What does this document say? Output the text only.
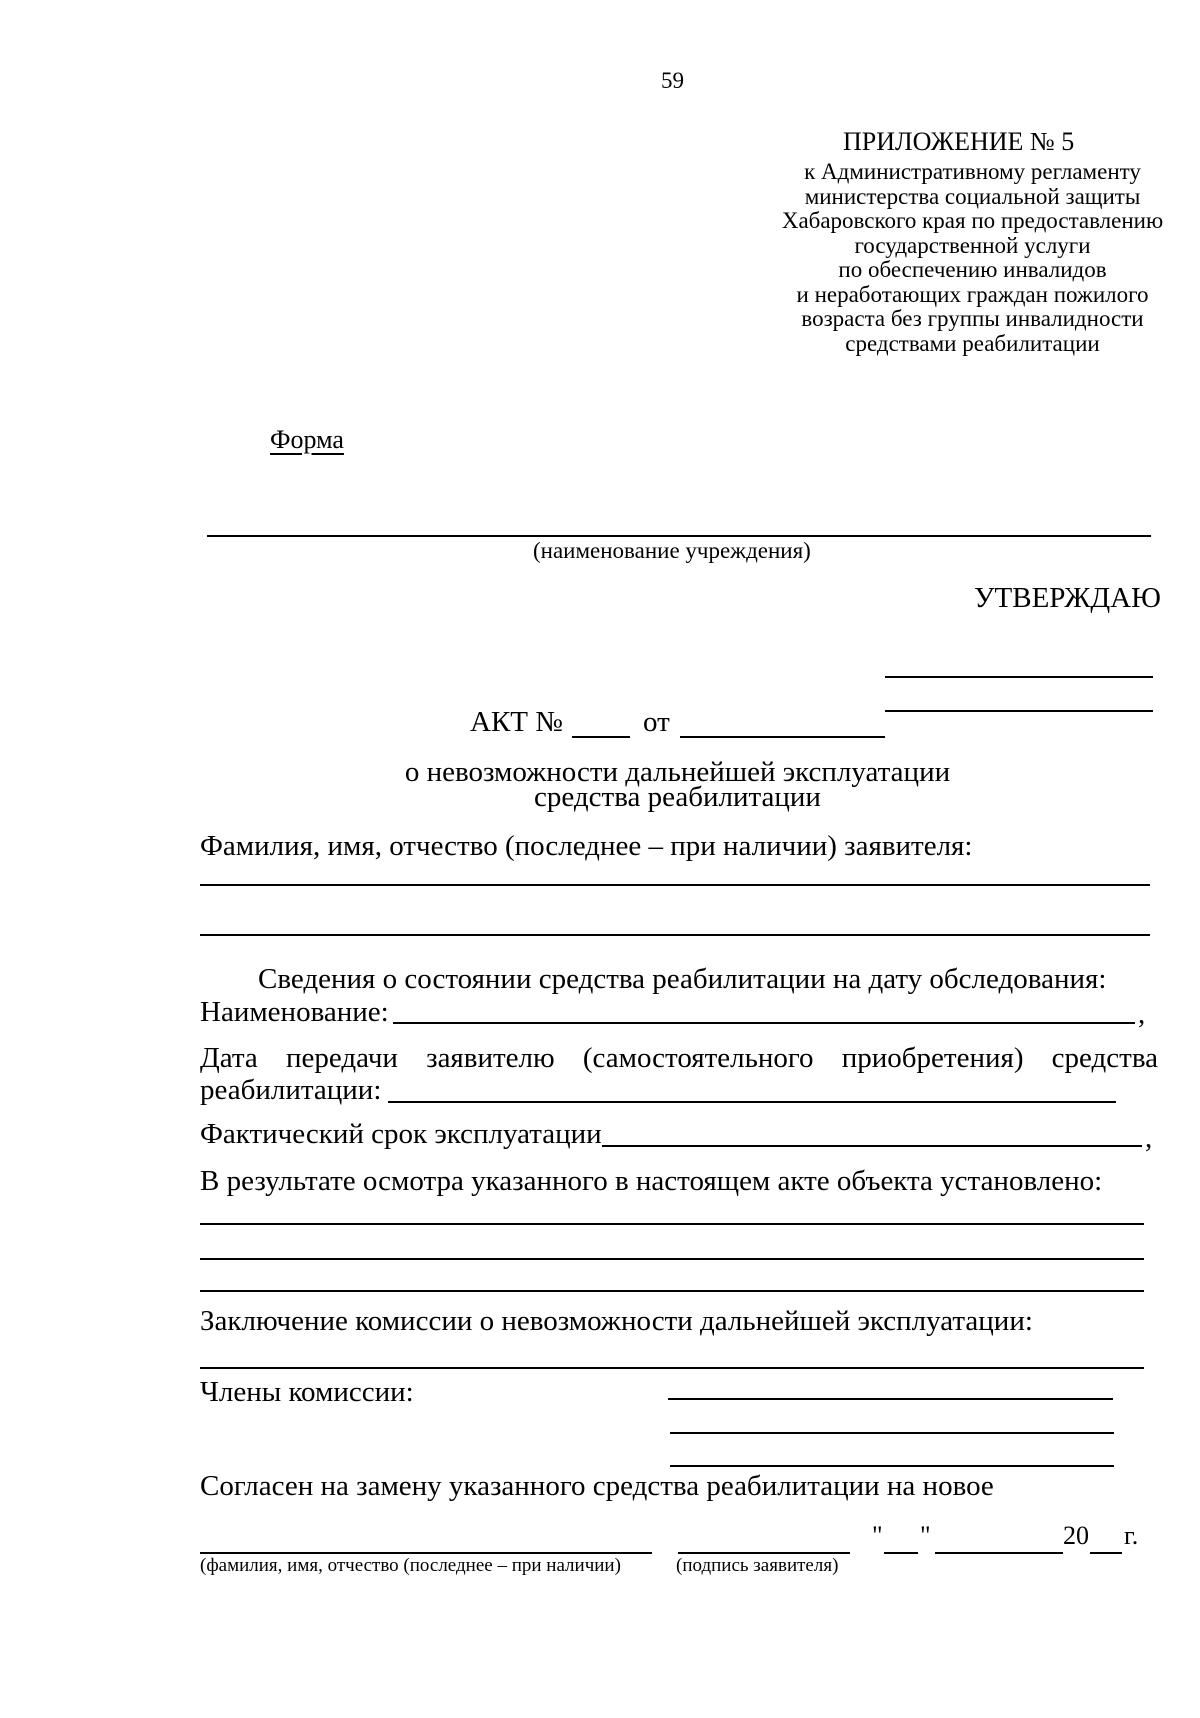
59
ПРИЛОЖЕНИЕ № 5
к Административному регламенту
министерства социальной защиты
Хабаровского края по предоставлению
государственной услуги
по обеспечению инвалидов
и неработающих граждан пожилого
возраста без группы инвалидности
средствами реабилитации
Форма
(наименование учреждения)
УТВЕРЖДАЮ
АКТ №	от
о невозможности дальнейшей эксплуатации
средства реабилитации
Фамилия, имя, отчество (последнее – при наличии) заявителя:
Сведения о состоянии средства реабилитации на дату обследования:
Наименование:	,
Дата передачи заявителю (самостоятельного приобретения) средства
реабилитации:
Фактический срок эксплуатации	,
В результате осмотра указанного в настоящем акте объекта установлено:
Заключение комиссии о невозможности дальнейшей эксплуатации:
Члены комиссии:
Согласен на замену указанного средства реабилитации на новое
" "	20 г.
(фамилия, имя, отчество (последнее – при наличии)	(подпись заявителя)
